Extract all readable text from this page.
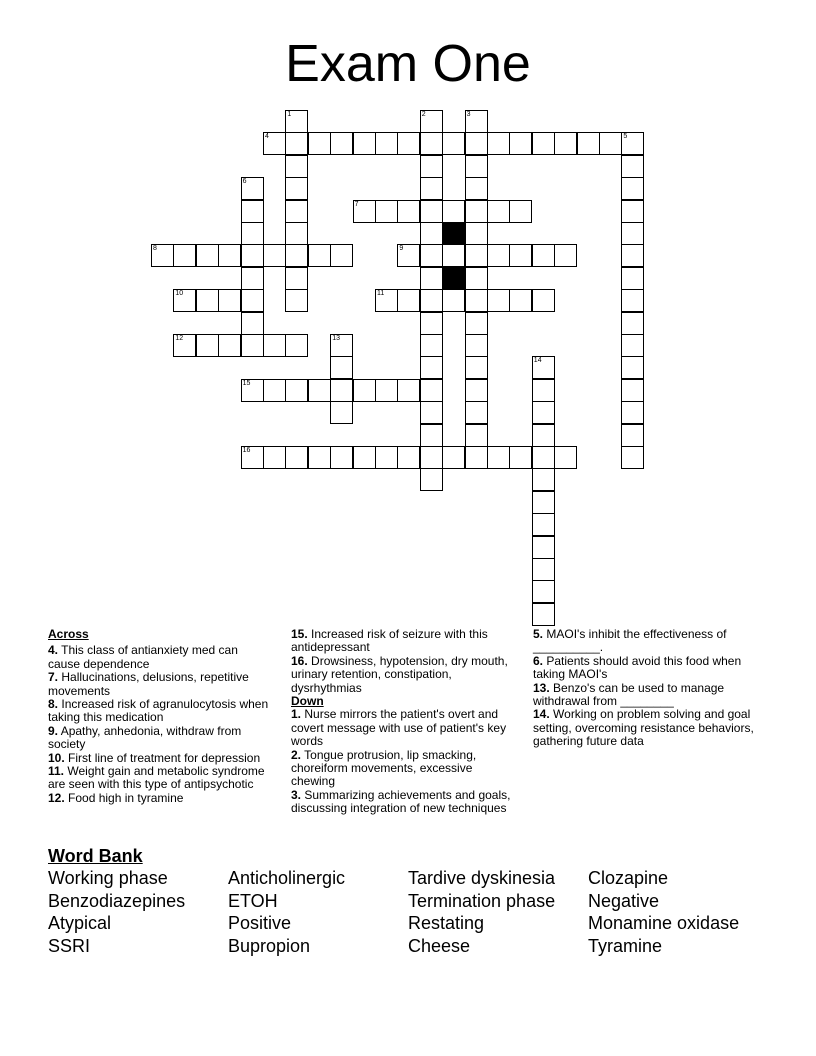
Exam One
4
7
8	9
10	11
12
15
16
1	2	3
5
6
13
14
Across

4. This class of antianxiety med can cause dependence

7. Hallucinations, delusions, repetitive movements

8. Increased risk of agranulocytosis when taking this medication

9. Apathy, anhedonia, withdraw from society

10. First line of treatment for depression

11. Weight gain and metabolic syndrome are seen with this type of antipsychotic

12. Food high in tyramine

15. Increased risk of seizure with this antidepressant

16. Drowsiness, hypotension, dry mouth, urinary retention, constipation, dysrhythmias

Down

1. Nurse mirrors the patient's overt and covert message with use of patient's key words

2. Tongue protrusion, lip smacking, choreiform movements, excessive chewing

3. Summarizing achievements and goals, discussing integration of new techniques

5. MAOI's inhibit the effectiveness of __________.

6. Patients should avoid this food when taking MAOI's

13. Benzo's can be used to manage withdrawal from ________

14. Working on problem solving and goal setting, overcoming resistance behaviors, gathering future data

Word Bank
Working phase
Benzodiazepines
Atypical
SSRI
Anticholinergic
ETOH
Positive
Bupropion
Tardive dyskinesia
Termination phase
Restating
Cheese
Clozapine
Negative
Monamine oxidase
Tyramine
